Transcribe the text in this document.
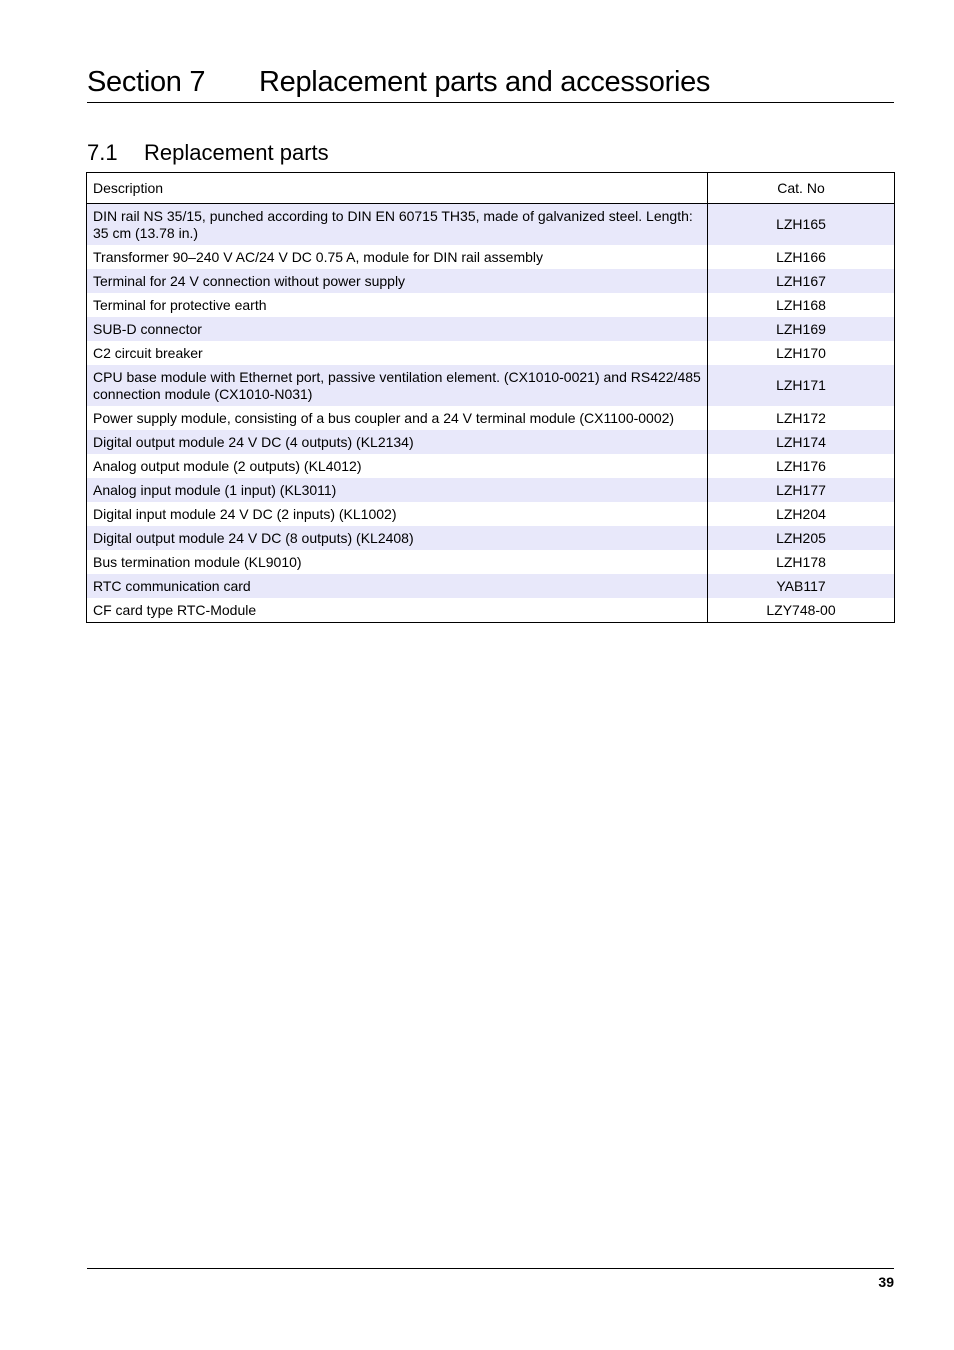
Section 7 Replacement parts and accessories
7.1 Replacement parts
Description	Cat. No
DIN rail NS 35/15, punched according to DIN EN 60715 TH35, made of galvanized steel. Length: 35 cm (13.78 in.)	LZH165
Transformer 90–240 V AC/24 V DC 0.75 A, module for DIN rail assembly	LZH166
Terminal for 24 V connection without power supply	LZH167
Terminal for protective earth	LZH168
SUB-D connector	LZH169
C2 circuit breaker	LZH170
CPU base module with Ethernet port, passive ventilation element. (CX1010-0021) and RS422/485 connection module (CX1010-N031)	LZH171
Power supply module, consisting of a bus coupler and a 24 V terminal module (CX1100-0002)	LZH172
Digital output module 24 V DC (4 outputs) (KL2134)	LZH174
Analog output module (2 outputs) (KL4012)	LZH176
Analog input module (1 input) (KL3011)	LZH177
Digital input module 24 V DC (2 inputs) (KL1002)	LZH204
Digital output module 24 V DC (8 outputs) (KL2408)	LZH205
Bus termination module (KL9010)	LZH178
RTC communication card	YAB117
CF card type RTC-Module	LZY748-00
39
